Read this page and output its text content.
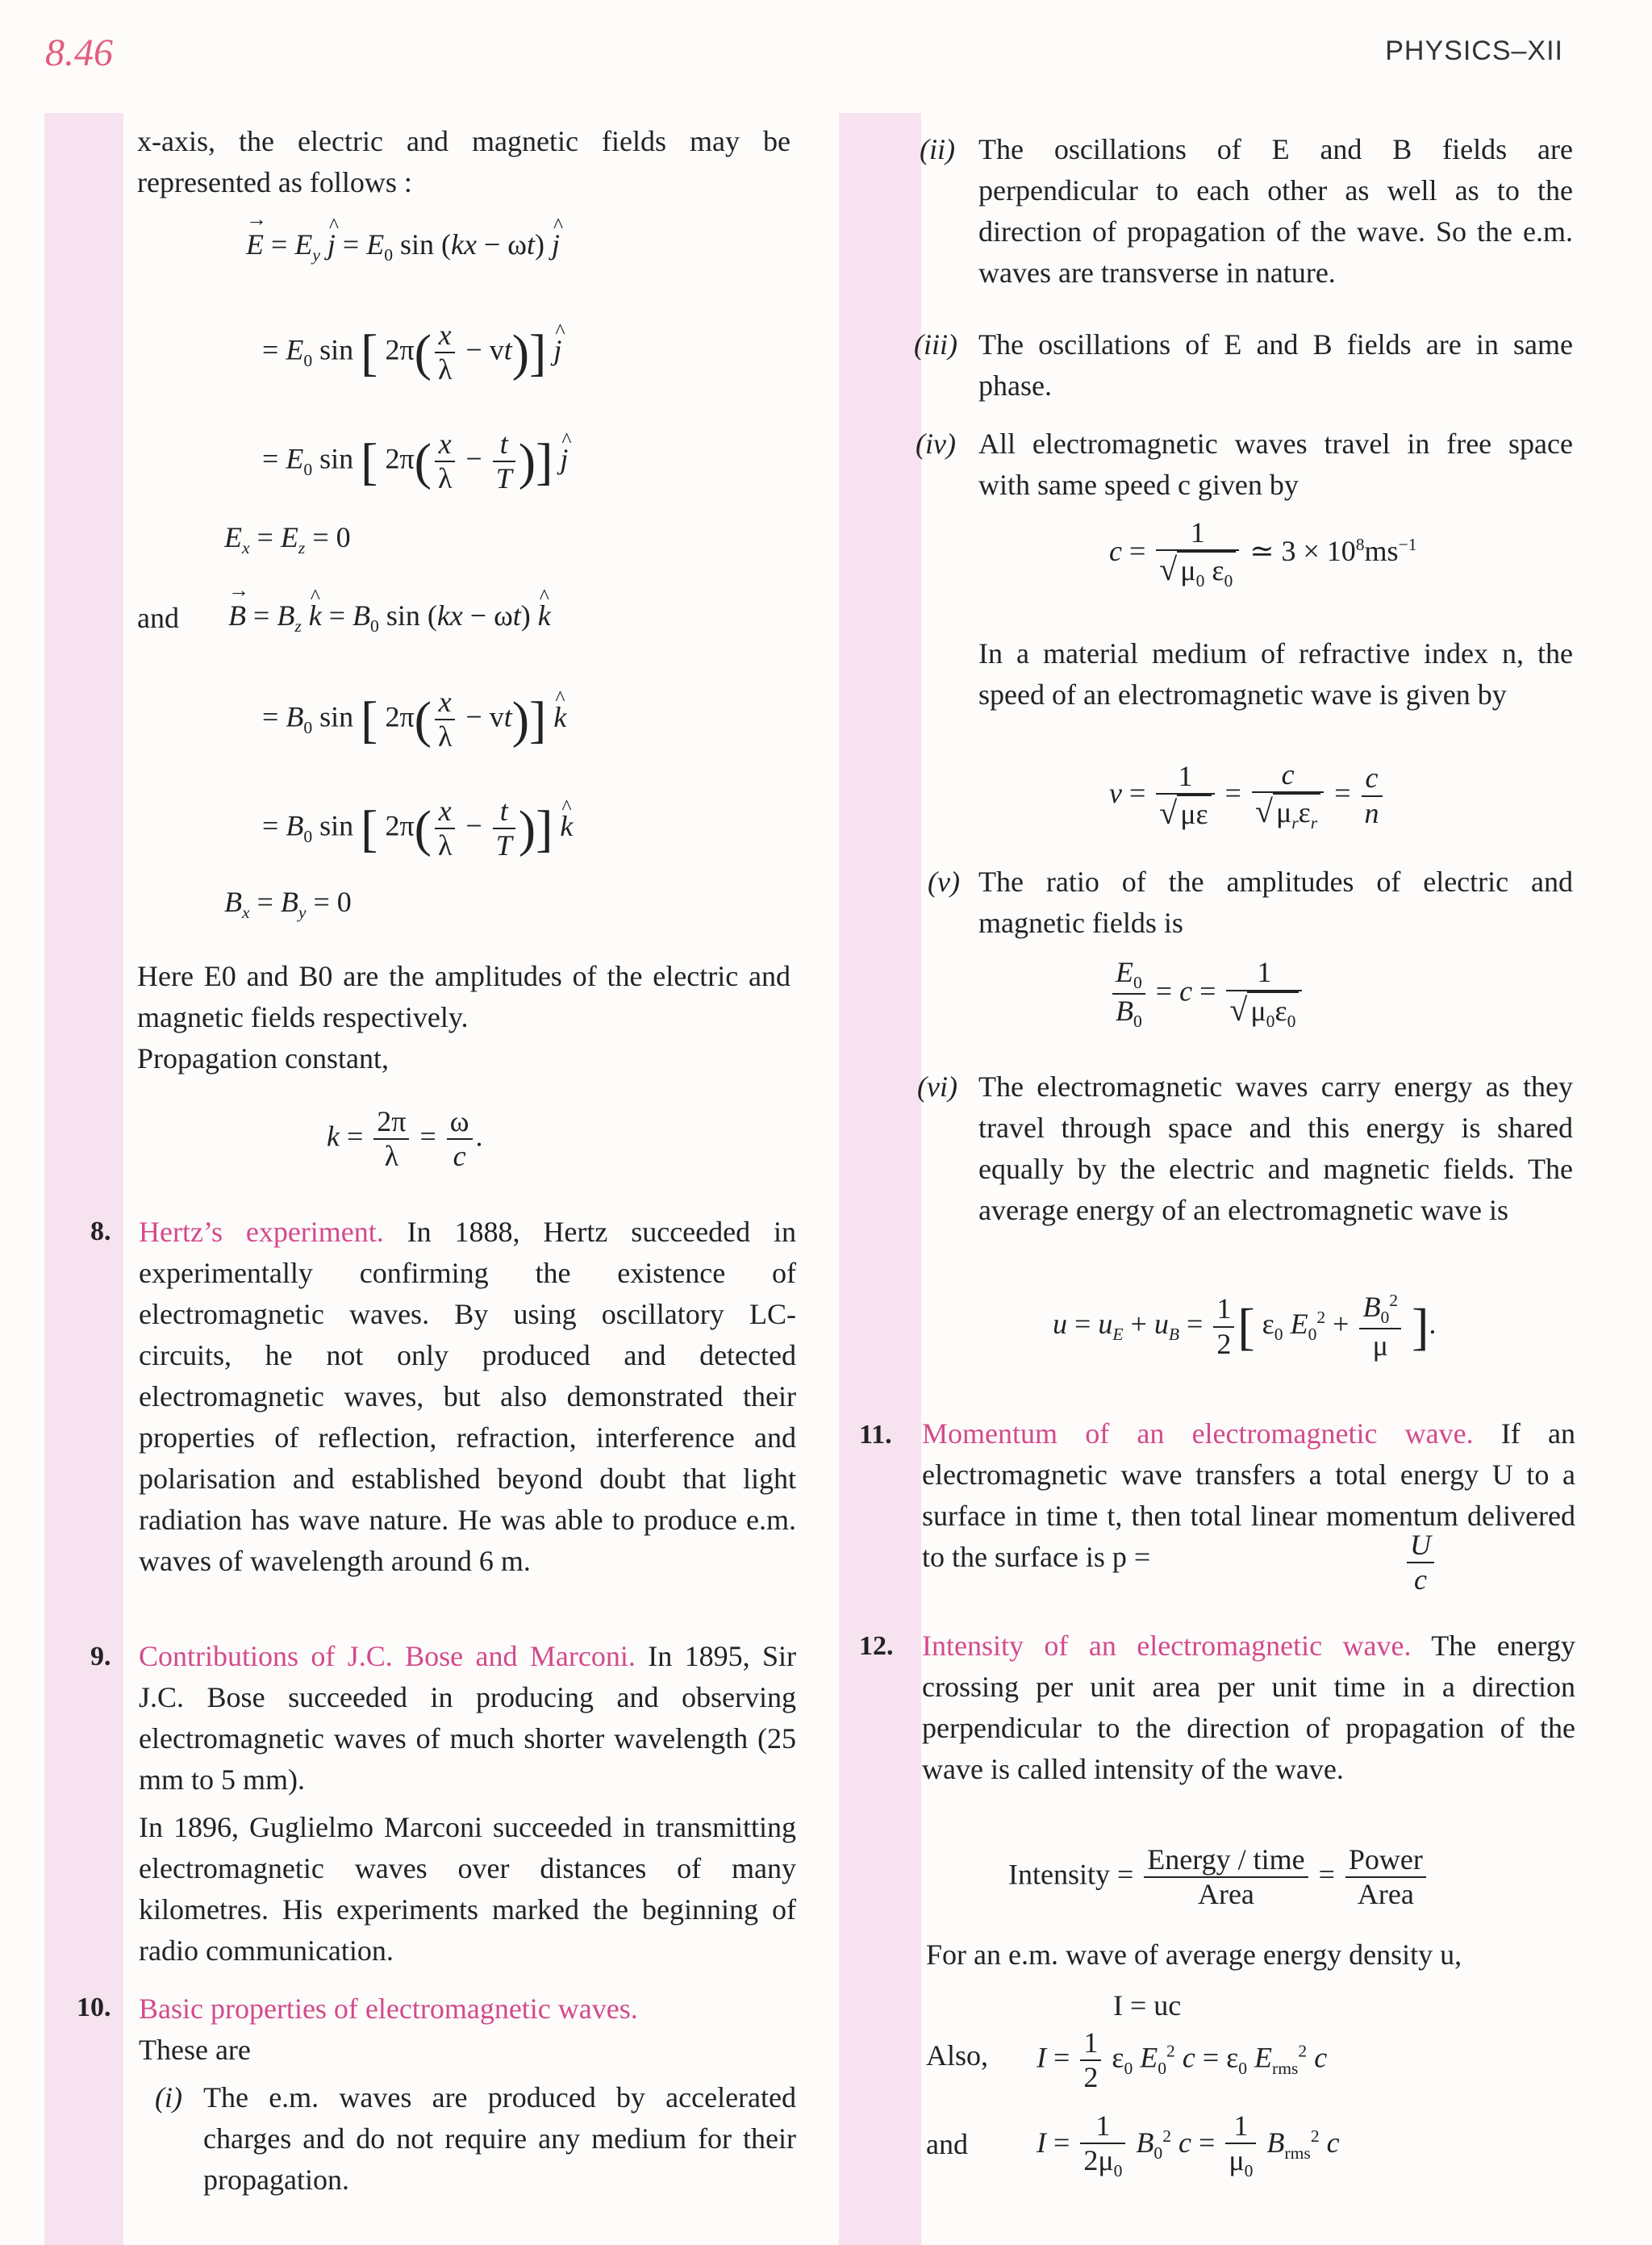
8.46	PHYSICS–XII

x-axis, the electric and magnetic fields may be represented as follows :

→ $E = E_y$ ^ $j = E_0$ sin (kx − ωt) ^ j
= $E_0$ sin [ $2\pi( \frac{x}{\lambda} - vt)$] ^ j
= $E_0$ sin [ $2\pi( \frac{x}{\lambda} - \frac{t}{T}$ )] ^ j
$E_x = E_z = 0$
and → $B = B_z$ ^ $k = B_0$ sin (kx − ωt) ^ k
= $B_0$ sin [ $2\pi( \frac{x}{\lambda} - vt)$] ^ k
= $B_0$ sin [ $2\pi( \frac{x}{\lambda} - \frac{t}{T}$ )] ^ k
$B_x = B_y = 0$

Here E0 and B0 are the amplitudes of the electric and magnetic fields respectively.

Propagation constant,

$k = \frac{2\pi}{\lambda} = \frac{\omega}{c}$ .
8. Hertz’s experiment. In 1888, Hertz succeeded in experimentally confirming the existence of electromagnetic waves. By using oscillatory LC-circuits, he not only produced and detected electromagnetic waves, but also demonstrated their properties of reflection, refraction, interference and polarisation and established beyond doubt that light radiation has wave nature. He was able to produce e.m. waves of wavelength around 6 m.

9. Contributions of J.C. Bose and Marconi. In 1895, Sir J.C. Bose succeeded in producing and observing electromagnetic waves of much shorter wavelength (25 mm to 5 mm).

In 1896, Guglielmo Marconi succeeded in transmitting electromagnetic waves over distances of many kilometres. His experiments marked the beginning of radio communication.

10. Basic properties of electromagnetic waves.

These are

(i) The e.m. waves are produced by accelerated charges and do not require any medium for their propagation.

(ii) The oscillations of E and B fields are perpendicular to each other as well as to the direction of propagation of the wave. So the e.m. waves are transverse in nature.

(iii) The oscillations of E and B fields are in same phase.

(iv) All electromagnetic waves travel in free space with same speed c given by

$c = \frac{1}{√ \mu_0 \varepsilon_0}$ ≃ $3 \times 10^8ms^{-1}$

In a material medium of refractive index n, the speed of an electromagnetic wave is given by

$v = \frac{1}{√ \mu\varepsilon} = \frac{c}{√ \mu_r\varepsilon_r} = \frac{c}{n}$
(v) The ratio of the amplitudes of electric and magnetic fields is

$\frac{E_0}{B_0} = c = \frac{1}{√ \mu_0\varepsilon_0}$
(vi) The electromagnetic waves carry energy as they travel through space and this energy is shared equally by the electric and magnetic fields. The average energy of an electromagnetic wave is

$u = u_E + u_B = \frac{1}{2}$ [ $\varepsilon_0$ $E_0^2 + \frac{B_0^2}{\mu}$ ].
11. Momentum of an electromagnetic wave. If an electromagnetic wave transfers a total energy U to a surface in time t, then total linear momentum delivered to the surface is p =	$\frac{U}{c}$
12. Intensity of an electromagnetic wave. The energy crossing per unit area per unit time in a direction perpendicular to the direction of propagation of the wave is called intensity of the wave.

Intensity = $\frac{\text{Energy / time}}{\text{Area}} = \frac{\text{Power}}{\text{Area}}$

For an e.m. wave of average energy density u,

I = uc
Also, $I = \frac{1}{2} \varepsilon_0$ $E_0^2$ $c = \varepsilon_0$ $E_{rms}^2$ c
and $I = \frac{1}{2\mu_0} B_0^2$ $c = \frac{1}{\mu_0} B_{rms}^2$ c
